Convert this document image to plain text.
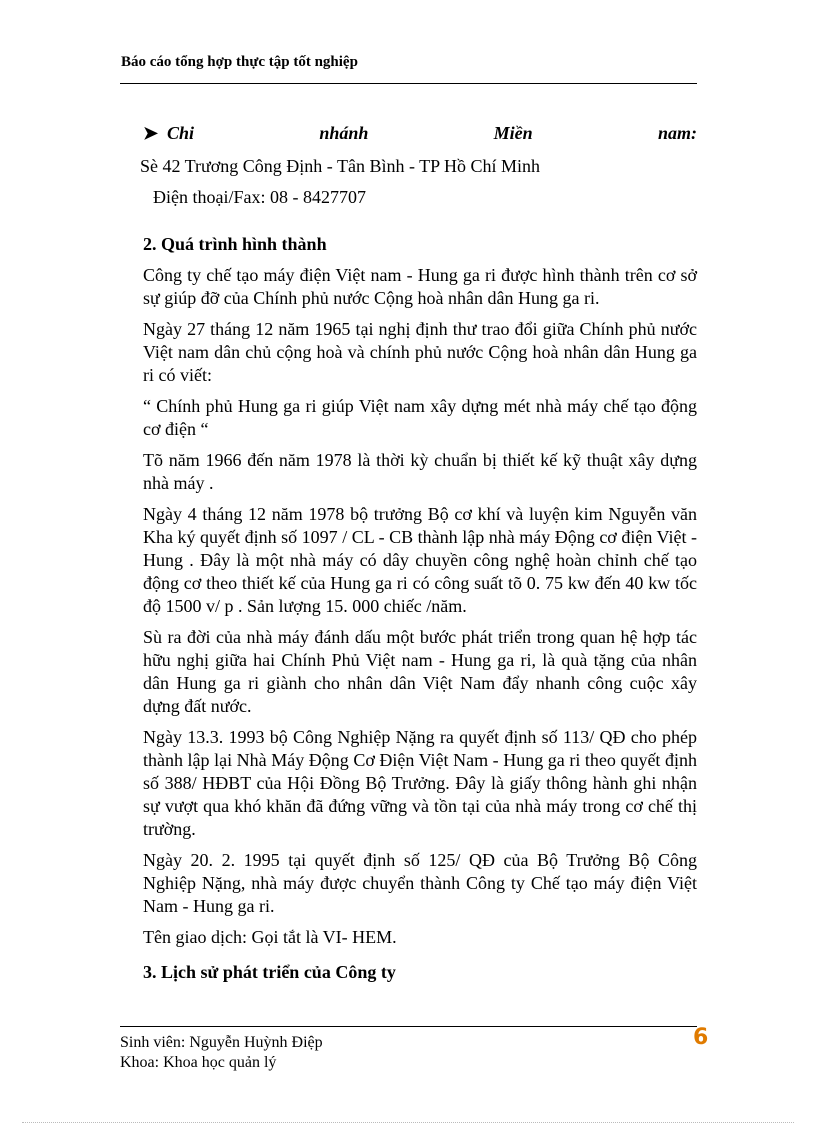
Báo cáo tổng hợp thực tập tốt nghiệp
➤ Chi	nhánh	Miền	nam:
Sè 42 Trương Công Định - Tân Bình - TP Hồ Chí Minh
Điện thoại/Fax: 08 - 8427707
2. Quá trình hình thành

Công ty chế tạo máy điện Việt nam - Hung ga ri được hình thành trên cơ sở sự giúp đỡ của Chính phủ nước Cộng hoà nhân dân Hung ga ri.

Ngày 27 tháng 12 năm 1965 tại nghị định thư trao đổi giữa Chính phủ nước Việt nam dân chủ cộng hoà và chính phủ nước Cộng hoà nhân dân Hung ga ri có viết:

“ Chính phủ Hung ga ri giúp Việt nam xây dựng mét nhà máy chế tạo động cơ điện “

Tõ năm 1966 đến năm 1978 là thời kỳ chuẩn bị thiết kế kỹ thuật xây dựng nhà máy .

Ngày 4 tháng 12 năm 1978 bộ trưởng Bộ cơ khí và luyện kim Nguyễn văn Kha ký quyết định số 1097 / CL - CB thành lập nhà máy Động cơ điện Việt - Hung . Đây là một nhà máy có dây chuyền công nghệ hoàn chỉnh chế tạo động cơ theo thiết kế của Hung ga ri có công suất tõ 0. 75 kw đến 40 kw tốc độ 1500 v/ p . Sản lượng 15. 000 chiếc /năm.

Sù ra đời của nhà máy đánh dấu một bước phát triển trong quan hệ hợp tác hữu nghị giữa hai Chính Phủ Việt nam - Hung ga ri, là quà tặng của nhân dân Hung ga ri giành cho nhân dân Việt Nam đẩy nhanh công cuộc xây dựng đất nước.

Ngày 13.3. 1993 bộ Công Nghiệp Nặng ra quyết định số 113/ QĐ cho phép thành lập lại Nhà Máy Động Cơ Điện Việt Nam - Hung ga ri theo quyết định số 388/ HĐBT của Hội Đồng Bộ Trưởng. Đây là giấy thông hành ghi nhận sự vượt qua khó khăn đã đứng vững và tồn tại của nhà máy trong cơ chế thị trường.

Ngày 20. 2. 1995 tại quyết định số 125/ QĐ của Bộ Trưởng Bộ Công Nghiệp Nặng, nhà máy được chuyển thành Công ty Chế tạo máy điện Việt Nam - Hung ga ri.

Tên giao dịch: Gọi tắt là VI- HEM.

3. Lịch sử phát triển của Công ty
Sinh viên: Nguyễn Huỳnh Điệp
Khoa: Khoa học quản lý
6
